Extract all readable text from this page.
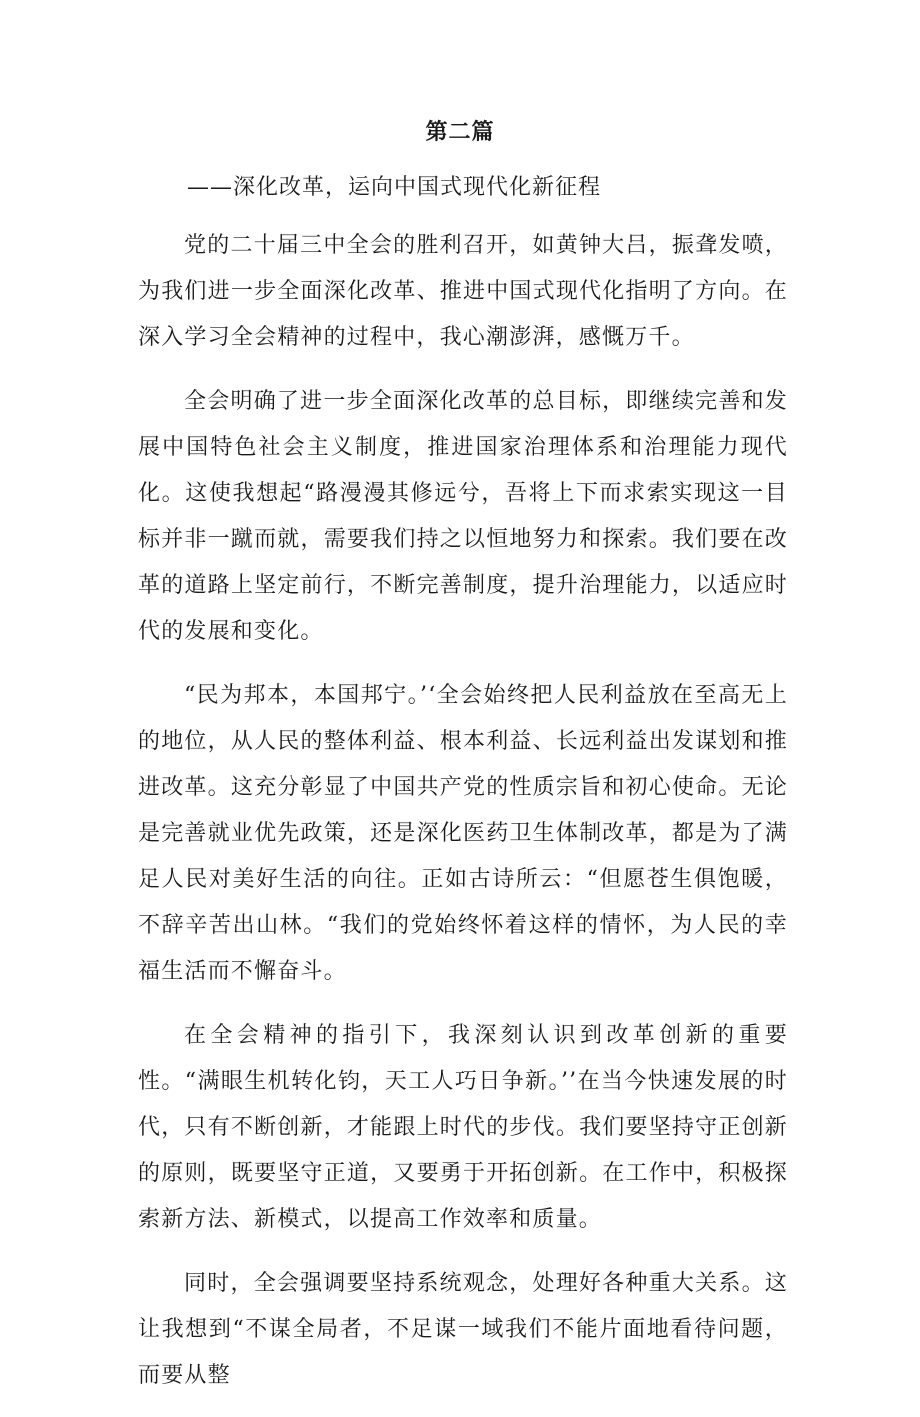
第二篇
——深化改革，运向中国式现代化新征程

党的二十届三中全会的胜利召开，如黄钟大吕，振聋发喷，为我们进一步全面深化改革、推进中国式现代化指明了方向。在深入学习全会精神的过程中，我心潮澎湃，感慨万千。

全会明确了进一步全面深化改革的总目标，即继续完善和发展中国特色社会主义制度，推进国家治理体系和治理能力现代化。这使我想起“路漫漫其修远兮，吾将上下而求索实现这一目标并非一蹴而就，需要我们持之以恒地努力和探索。我们要在改革的道路上坚定前行，不断完善制度，提升治理能力，以适应时代的发展和变化。

“民为邦本，本国邦宁。’‘全会始终把人民利益放在至高无上的地位，从人民的整体利益、根本利益、长远利益出发谋划和推进改革。这充分彰显了中国共产党的性质宗旨和初心使命。无论是完善就业优先政策，还是深化医药卫生体制改革，都是为了满足人民对美好生活的向往。正如古诗所云：“但愿苍生俱饱暖，不辞辛苦出山林。“我们的党始终怀着这样的情怀，为人民的幸福生活而不懈奋斗。

在全会精神的指引下，我深刻认识到改革创新的重要性。“满眼生机转化钧，天工人巧日争新。’’在当今快速发展的时代，只有不断创新，才能跟上时代的步伐。我们要坚持守正创新的原则，既要坚守正道，又要勇于开拓创新。在工作中，积极探索新方法、新模式，以提高工作效率和质量。

同时，全会强调要坚持系统观念，处理好各种重大关系。这让我想到“不谋全局者，不足谋一域我们不能片面地看待问题，而要从整
